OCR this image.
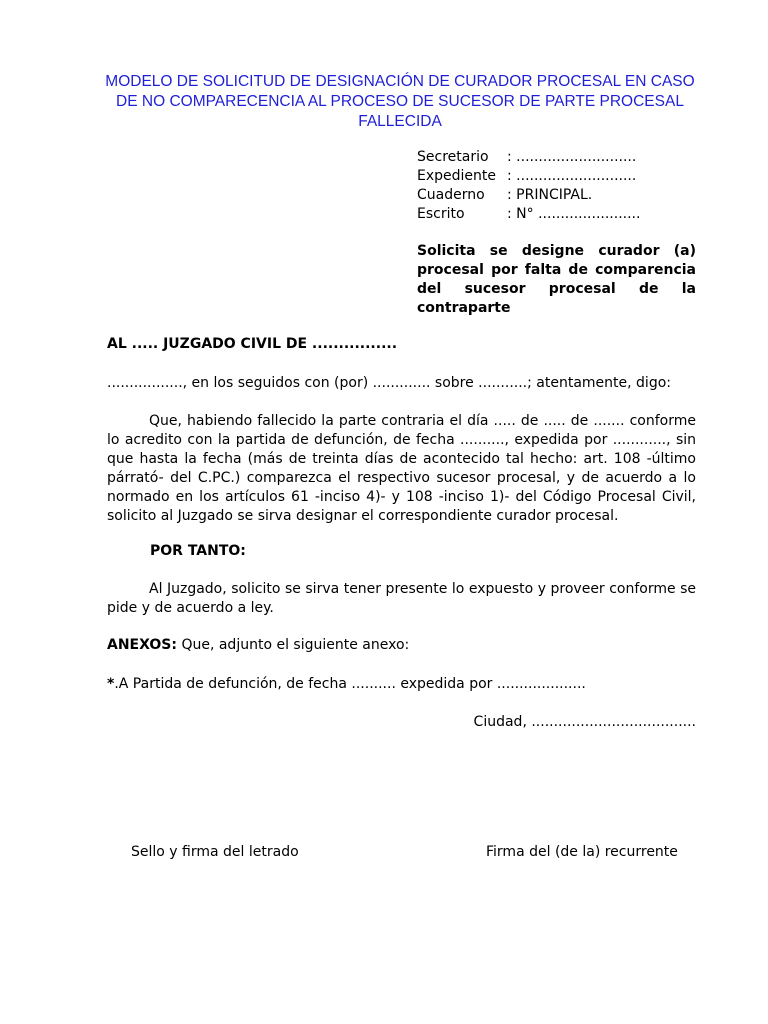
MODELO DE SOLICITUD DE DESIGNACIÓN DE CURADOR PROCESAL EN CASO DE NO COMPARECENCIA AL PROCESO DE SUCESOR DE PARTE PROCESAL FALLECIDA
Secretario	: ...........................
Expediente : ...........................
Cuaderno	: PRINCIPAL.
Escrito	: N° .......................
Solicita se designe curador (a) procesal por falta de comparencia del sucesor procesal de la contraparte
AL ..... JUZGADO CIVIL DE ................
................., en los seguidos con (por) ............. sobre ...........; atentamente, digo:
Que, habiendo fallecido la parte contraria el día ..... de ..... de ....... conforme lo acredito con la partida de defunción, de fecha .........., expedida por ............, sin que hasta la fecha (más de treinta días de acontecido tal hecho: art. 108 -último párrató- del C.PC.) comparezca el respectivo sucesor procesal, y de acuerdo a lo normado en los artículos 61 -inciso 4)- y 108 -inciso 1)- del Código Procesal Civil, solicito al Juzgado se sirva designar el correspondiente curador procesal.
POR TANTO:
Al Juzgado, solicito se sirva tener presente lo expuesto y proveer conforme se pide y de acuerdo a ley.
ANEXOS: Que, adjunto el siguiente anexo:
*.A Partida de defunción, de fecha .......... expedida por ....................
Ciudad, .....................................
Sello y firma del letrado	Firma del (de la) recurrente
